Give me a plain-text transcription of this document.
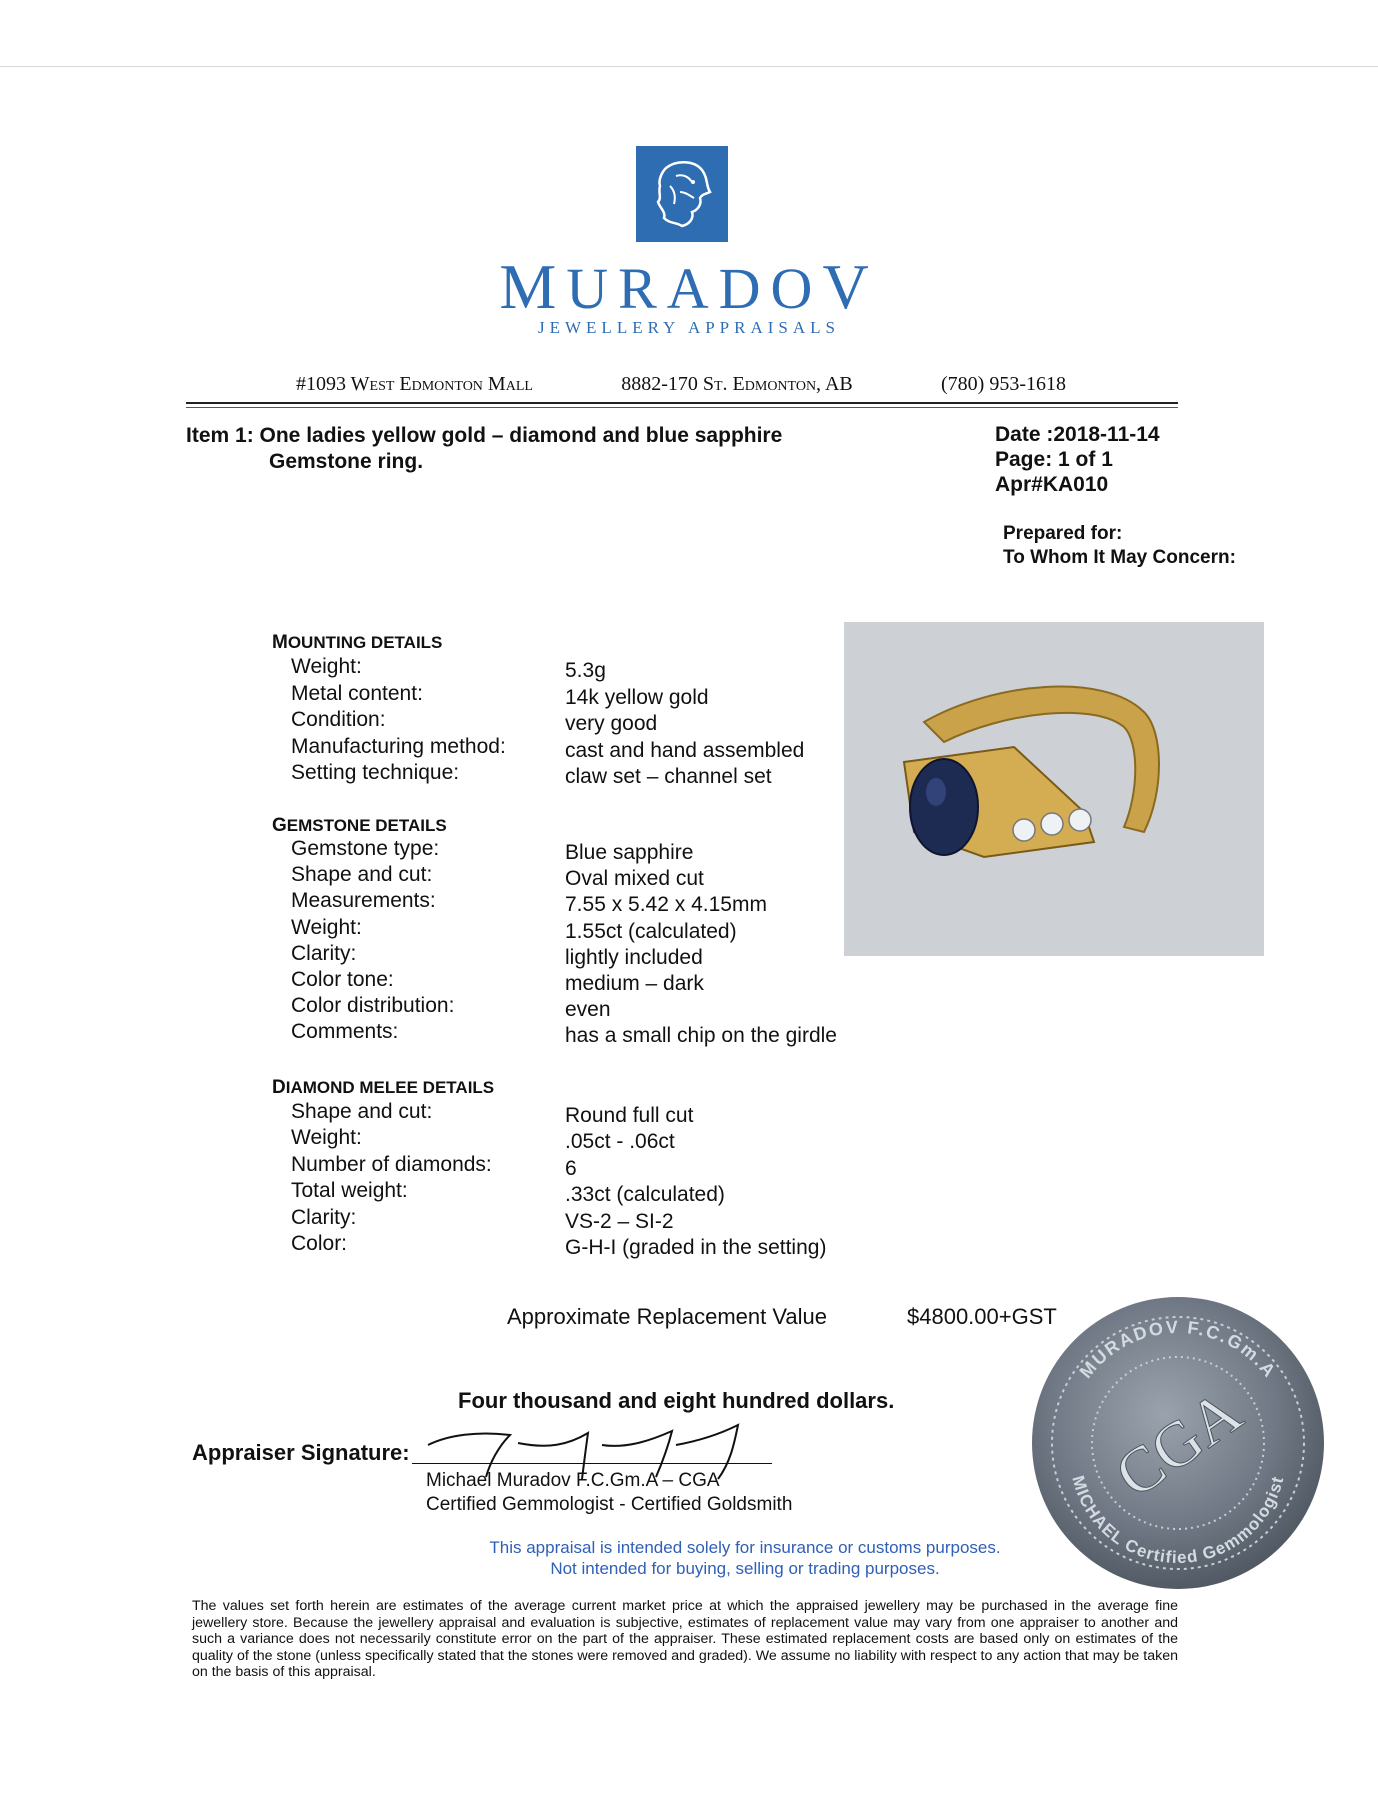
MURADOV
JEWELLERY APPRAISALS
#1093 West Edmonton Mall	8882-170 St. Edmonton, AB	(780) 953-1618
Item 1: One ladies yellow gold – diamond and blue sapphire
Gemstone ring.
Date :2018-11-14
Page: 1 of 1
Apr#KA010
Prepared for:
To Whom It May Concern:
MOUNTING DETAILS
Weight:	5.3g
Metal content:	14k yellow gold
Condition:	very good
Manufacturing method:	cast and hand assembled
Setting technique:	claw set – channel set
GEMSTONE DETAILS
Gemstone type:	Blue sapphire
Shape and cut:	Oval mixed cut
Measurements:	7.55 x 5.42 x 4.15mm
Weight:	1.55ct (calculated)
Clarity:	lightly included
Color tone:	medium – dark
Color distribution:	even
Comments:	has a small chip on the girdle
DIAMOND MELEE DETAILS
Shape and cut:	Round full cut
Weight:	.05ct - .06ct
Number of diamonds:	6
Total weight:	.33ct (calculated)
Clarity:	VS-2 – SI-2
Color:	G-H-I (graded in the setting)
Approximate Replacement Value	$4800.00+GST
Four thousand and eight hundred dollars.
Appraiser Signature:
Michael Muradov F.C.Gm.A – CGA
Certified Gemmologist - Certified Goldsmith
This appraisal is intended solely for insurance or customs purposes.
Not intended for buying, selling or trading purposes.
The values set forth herein are estimates of the average current market price at which the appraised jewellery may be purchased in the average fine jewellery store. Because the jewellery appraisal and evaluation is subjective, estimates of replacement value may vary from one appraiser to another and such a variance does not necessarily constitute error on the part of the appraiser. These estimated replacement costs are based only on estimates of the quality of the stone (unless specifically stated that the stones were removed and graded). We assume no liability with respect to any action that may be taken on the basis of this appraisal.
MURADOV F.C.Gm.A
MICHAEL Certified Gemmologist
CGA
